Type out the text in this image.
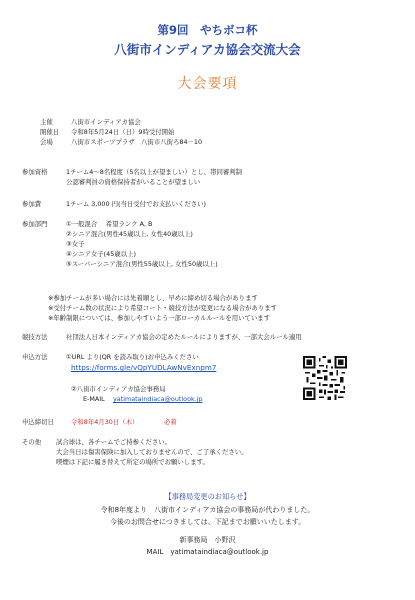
第9回　やちボコ杯
八街市インディアカ協会交流大会
大会要項
主催	八街市インディアカ協会
開催日 令和8年5月24日（日）9時受付開始
会場	八街市スポーツプラザ　八街市八街ろ84－10
参加資格	1チーム4～8名程度（5名以上が望ましい）とし、帯同審判制
公認審判員の資格保持者がいることが望ましい
参加費	1チーム 3,000 円(当日受付でお支払いください)
参加部門	①一般混合　 希望ランク A, B
②シニア混合(男性45歳以上, 女性40歳以上)
③女子
④シニア女子(45歳以上)
⑤スーパーシニア混合(男性55歳以上, 女性50歳以上)
※参加チームが多い場合には先着順とし、早めに締め切る場合があります
※受付チーム数の状況により希望コート・競技方法が変更になる場合があります
※年齢制限については、参加しやすいよう一部ローカルルールを用いています
競技方法	社団法人日本インディアカ協会の定めたルールによりますが、一部大会ルール適用
申込方法	①URL より(QR を読み取り)お申込みください
https://forms.gle/vQpYUDLAwNvExnpm7
②八街市インディアカ協会事務局
E-MAIL yatimataindiaca@outlook.jp
申込締切日	令和8年4月30日（木）	必着
その他 試合球は、各チームでご持参ください。
大会当日は傷害保険に加入しておりませんので、ご了承ください。
喫煙は下記に履き替えて所定の場所でお願いします。
【事務局変更のお知らせ】
令和8年度より　八街市インディアカ協会の事務局が代わりました。
今後のお問合せにつきましては、下記までお願いいたします。
新事務局　小野沢
MAIL　yatimataindiaca@outlook.jp
